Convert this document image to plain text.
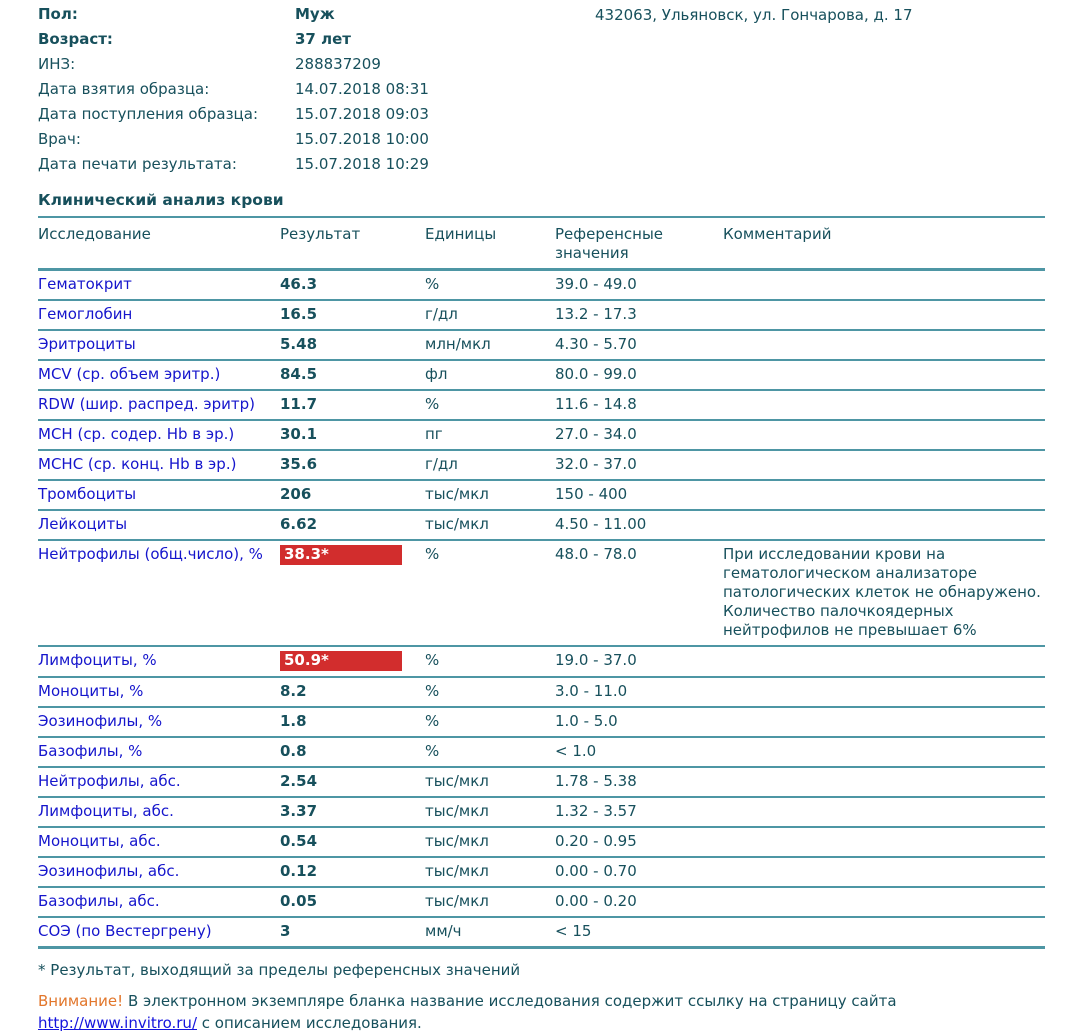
Пол:	Муж
Возраст:	37 лет
ИНЗ:	288837209
Дата взятия образца:	14.07.2018 08:31
Дата поступления образца:	15.07.2018 09:03
Врач:	15.07.2018 10:00
Дата печати результата:	15.07.2018 10:29
432063, Ульяновск, ул. Гончарова, д. 17
Клинический анализ крови
Исследование	Результат	Единицы	Референсные значения	Комментарий
Гематокрит	46.3	%	39.0 - 49.0	
Гемоглобин	16.5	г/дл	13.2 - 17.3	
Эритроциты	5.48	млн/мкл	4.30 - 5.70	
MCV (ср. объем эритр.)	84.5	фл	80.0 - 99.0	
RDW (шир. распред. эритр)	11.7	%	11.6 - 14.8	
MCH (ср. содер. Hb в эр.)	30.1	пг	27.0 - 34.0	
MCHC (ср. конц. Hb в эр.)	35.6	г/дл	32.0 - 37.0	
Тромбоциты	206	тыс/мкл	150 - 400	
Лейкоциты	6.62	тыс/мкл	4.50 - 11.00	
Нейтрофилы (общ.число), %	38.3*	%	48.0 - 78.0	При исследовании крови на гематологическом анализаторе патологических клеток не обнаружено. Количество палочкоядерных нейтрофилов не превышает 6%
Лимфоциты, %	50.9*	%	19.0 - 37.0	
Моноциты, %	8.2	%	3.0 - 11.0	
Эозинофилы, %	1.8	%	1.0 - 5.0	
Базофилы, %	0.8	%	< 1.0	
Нейтрофилы, абс.	2.54	тыс/мкл	1.78 - 5.38	
Лимфоциты, абс.	3.37	тыс/мкл	1.32 - 3.57	
Моноциты, абс.	0.54	тыс/мкл	0.20 - 0.95	
Эозинофилы, абс.	0.12	тыс/мкл	0.00 - 0.70	
Базофилы, абс.	0.05	тыс/мкл	0.00 - 0.20	
СОЭ (по Вестергрену)	3	мм/ч	< 15	
* Результат, выходящий за пределы референсных значений
Внимание! В электронном экземпляре бланка название исследования содержит ссылку на страницу сайта http://www.invitro.ru/ с описанием исследования.
